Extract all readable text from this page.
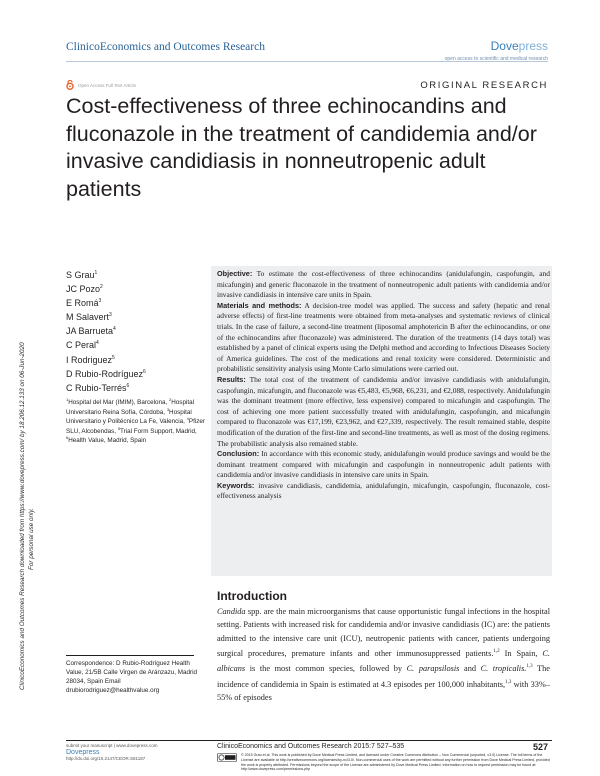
ClinicoEconomics and Outcomes Research	Dovepress
open access to scientific and medical research
Open Access Full Text Article	ORIGINAL RESEARCH
Cost-effectiveness of three echinocandins and fluconazole in the treatment of candidemia and/or invasive candidiasis in nonneutropenic adult patients
ClinicoEconomics and Outcomes Research downloaded from https://www.dovepress.com/ by 18.206.12.133 on 06-Jun-2020 For personal use only.
S Grau$^1$
JC Pozo$^2$
E Romá$^3$
M Salavert$^3$
JA Barrueta$^4$
C Peral$^4$
I Rodriguez$^5$
D Rubio-Rodríguez$^6$
C Rubio-Terrés$^6$
$^1$Hospital del Mar (IMIM), Barcelona, $^2$Hospital Universitario Reina Sofía, Córdoba, $^3$Hospital Universitario y Politécnico La Fe, Valencia, $^4$Pfizer SLU, Alcobendas, $^5$Trial Form Support, Madrid, $^6$Health Value, Madrid, Spain

Objective: To estimate the cost-effectiveness of three echinocandins (anidulafungin, caspofungin, and micafungin) and generic fluconazole in the treatment of nonneutropenic adult patients with candidemia and/or invasive candidiasis in intensive care units in Spain.

Materials and methods: A decision-tree model was applied. The success and safety (hepatic and renal adverse effects) of first-line treatments were obtained from meta-analyses and systematic reviews of clinical trials. In the case of failure, a second-line treatment (liposomal amphotericin B after the echinocandins, or one of the echinocandins after fluconazole) was administered. The duration of the treatments (14 days total) was established by a panel of clinical experts using the Delphi method and according to Infectious Diseases Society of America guidelines. The cost of the medications and renal toxicity were considered. Deterministic and probabilistic sensitivity analysis using Monte Carlo simulations were carried out.

Results: The total cost of the treatment of candidemia and/or invasive candidiasis with anidulafungin, caspofungin, micafungin, and fluconazole was €5,483, €5,968, €6,231, and €2,088, respectively. Anidulafungin was the dominant treatment (more effective, less expensive) compared to micafungin and caspofungin. The cost of achieving one more patient successfully treated with anidulafungin, caspofungin, and micafungin compared to fluconazole was €17,199, €23,962, and €27,339, respectively. The result remained stable, despite modification of the duration of the first-line and second-line treatments, as well as most of the dosing regimens. The probabilistic analysis also remained stable.

Conclusion: In accordance with this economic study, anidulafungin would produce savings and would be the dominant treatment compared with micafungin and caspofungin in nonneutropenic adult patients with candidemia and/or invasive candidiasis in intensive care units in Spain.

Keywords: invasive candidiasis, candidemia, anidulafungin, micafungin, caspofungin, fluconazole, cost-effectiveness analysis

Introduction

Candida spp. are the main microorganisms that cause opportunistic fungal infections in the hospital setting. Patients with increased risk for candidemia and/or invasive candidiasis (IC) are: the patients admitted to the intensive care unit (ICU), neutropenic patients with cancer, patients undergoing surgical procedures, premature infants and other immunosuppressed patients.$^{1,2}$ In Spain, C. albicans is the most common species, followed by C. parapsilosis and C. tropicalis.$^{1,3}$ The incidence of candidemia in Spain is estimated at 4.3 episodes per 100,000 inhabitants,$^{1,3}$ with 33%–55% of episodes

Correspondence: D Rubio-Rodríguez Health Value, 21/5B Calle Virgen de Aránzazu, Madrid 28034, Spain Email drubiorodriguez@healthvalue.org
submit your manuscript | www.dovepress.com
Dovepress
http://dx.doi.org/10.2147/CEOR.S81187
ClinicoEconomics and Outcomes Research 2015:7 527–535	527
© 2015 Grau et al. This work is published by Dove Medical Press Limited, and licensed under Creative Commons Attribution – Non Commercial (unported, v3.0) License. The full terms of the License are available at http://creativecommons.org/licenses/by-nc/3.0/. Non-commercial uses of the work are permitted without any further permission from Dove Medical Press Limited, provided the work is properly attributed. Permissions beyond the scope of the License are administered by Dove Medical Press Limited. Information on how to request permission may be found at: http://www.dovepress.com/permissions.php
